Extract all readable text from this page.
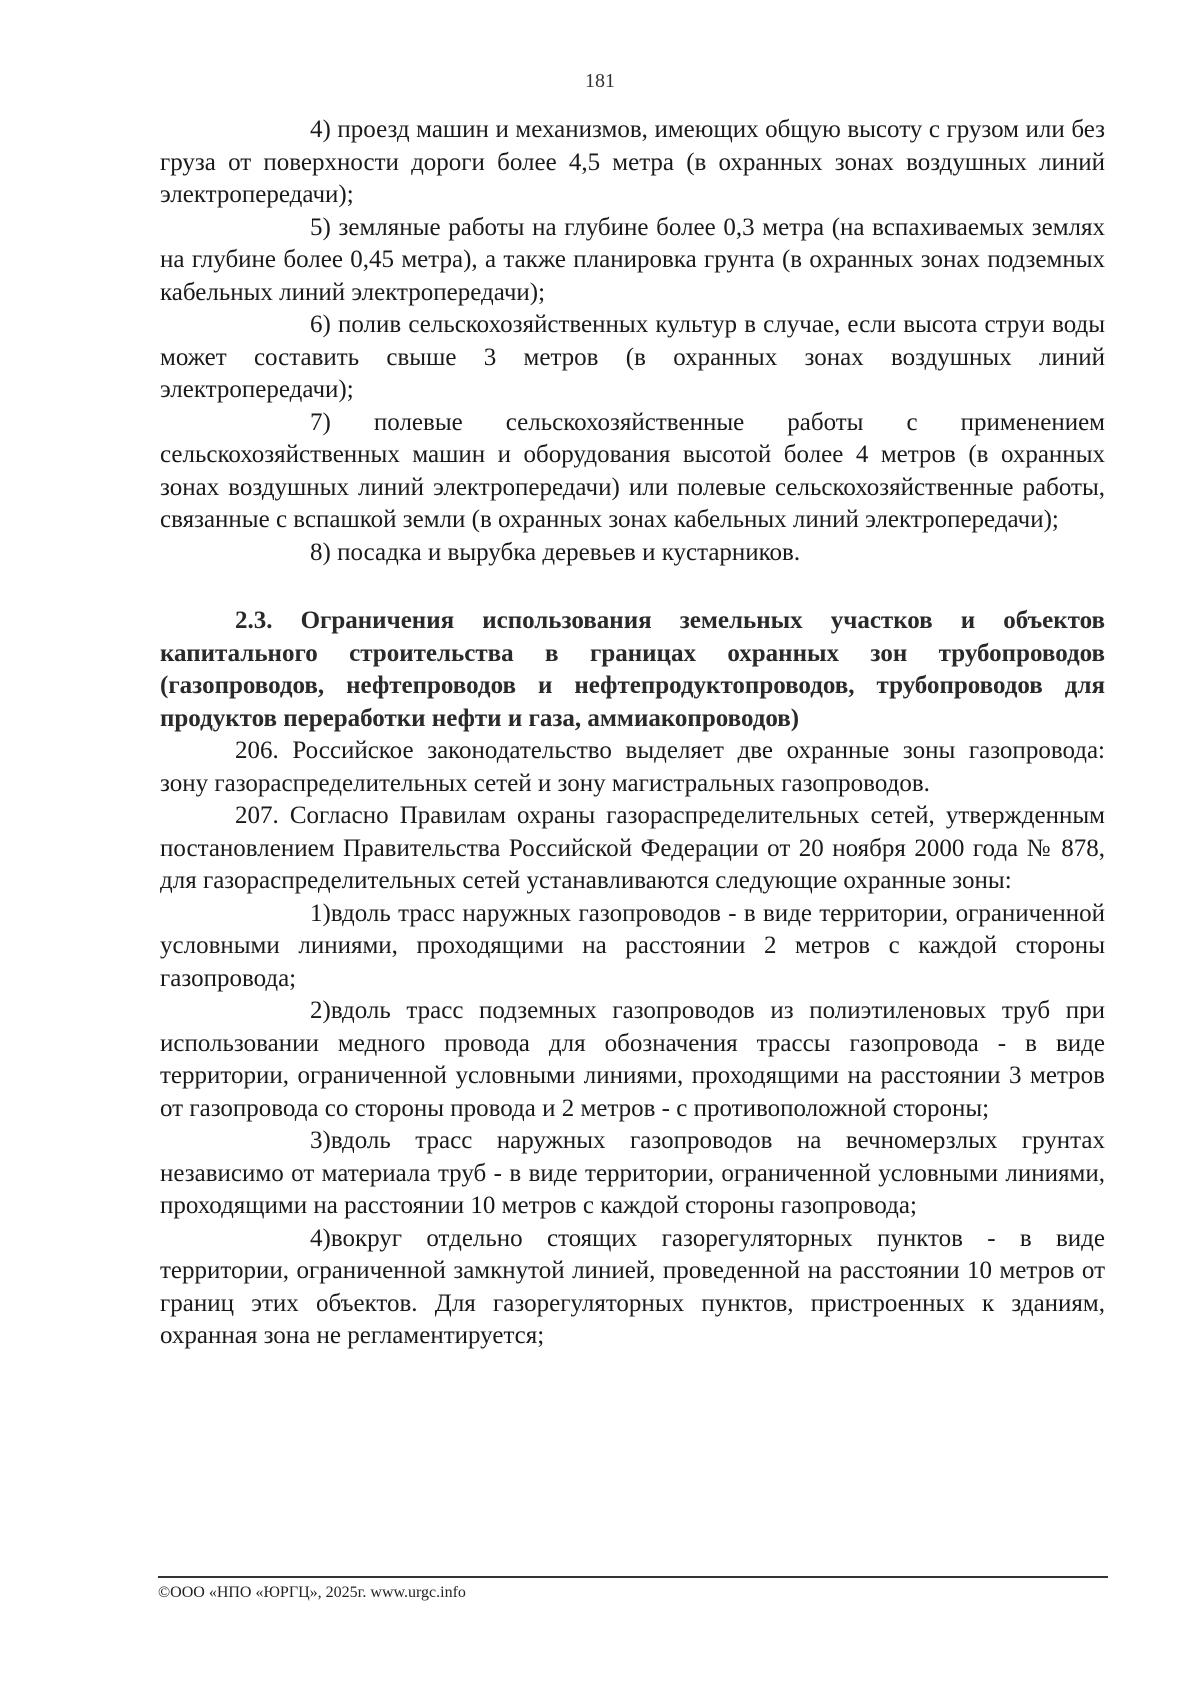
181

4) проезд машин и механизмов, имеющих общую высоту с грузом или без груза от поверхности дороги более 4,5 метра (в охранных зонах воздушных линий электропередачи);

5) земляные работы на глубине более 0,3 метра (на вспахиваемых землях на глубине более 0,45 метра), а также планировка грунта (в охранных зонах подземных кабельных линий электропередачи);

6) полив сельскохозяйственных культур в случае, если высота струи воды может составить свыше 3 метров (в охранных зонах воздушных линий электропередачи);

7) полевые сельскохозяйственные работы с применением сельскохозяйственных машин и оборудования высотой более 4 метров (в охранных зонах воздушных линий электропередачи) или полевые сельскохозяйственные работы, связанные с вспашкой земли (в охранных зонах кабельных линий электропередачи);

8) посадка и вырубка деревьев и кустарников.

2.3. Ограничения использования земельных участков и объектов капитального строительства в границах охранных зон трубопроводов (газопроводов, нефтепроводов и нефтепродуктопроводов, трубопроводов для продуктов переработки нефти и газа, аммиакопроводов)

206. Российское законодательство выделяет две охранные зоны газопровода: зону газораспределительных сетей и зону магистральных газопроводов.

207. Согласно Правилам охраны газораспределительных сетей, утвержденным постановлением Правительства Российской Федерации от 20 ноября 2000 года № 878, для газораспределительных сетей устанавливаются следующие охранные зоны:

1)вдоль трасс наружных газопроводов - в виде территории, ограниченной условными линиями, проходящими на расстоянии 2 метров с каждой стороны газопровода;

2)вдоль трасс подземных газопроводов из полиэтиленовых труб при использовании медного провода для обозначения трассы газопровода - в виде территории, ограниченной условными линиями, проходящими на расстоянии 3 метров от газопровода со стороны провода и 2 метров - с противоположной стороны;

3)вдоль трасс наружных газопроводов на вечномерзлых грунтах независимо от материала труб - в виде территории, ограниченной условными линиями, проходящими на расстоянии 10 метров с каждой стороны газопровода;

4)вокруг отдельно стоящих газорегуляторных пунктов - в виде территории, ограниченной замкнутой линией, проведенной на расстоянии 10 метров от границ этих объектов. Для газорегуляторных пунктов, пристроенных к зданиям, охранная зона не регламентируется;

©ООО «НПО «ЮРГЦ», 2025г. www.urgc.info
